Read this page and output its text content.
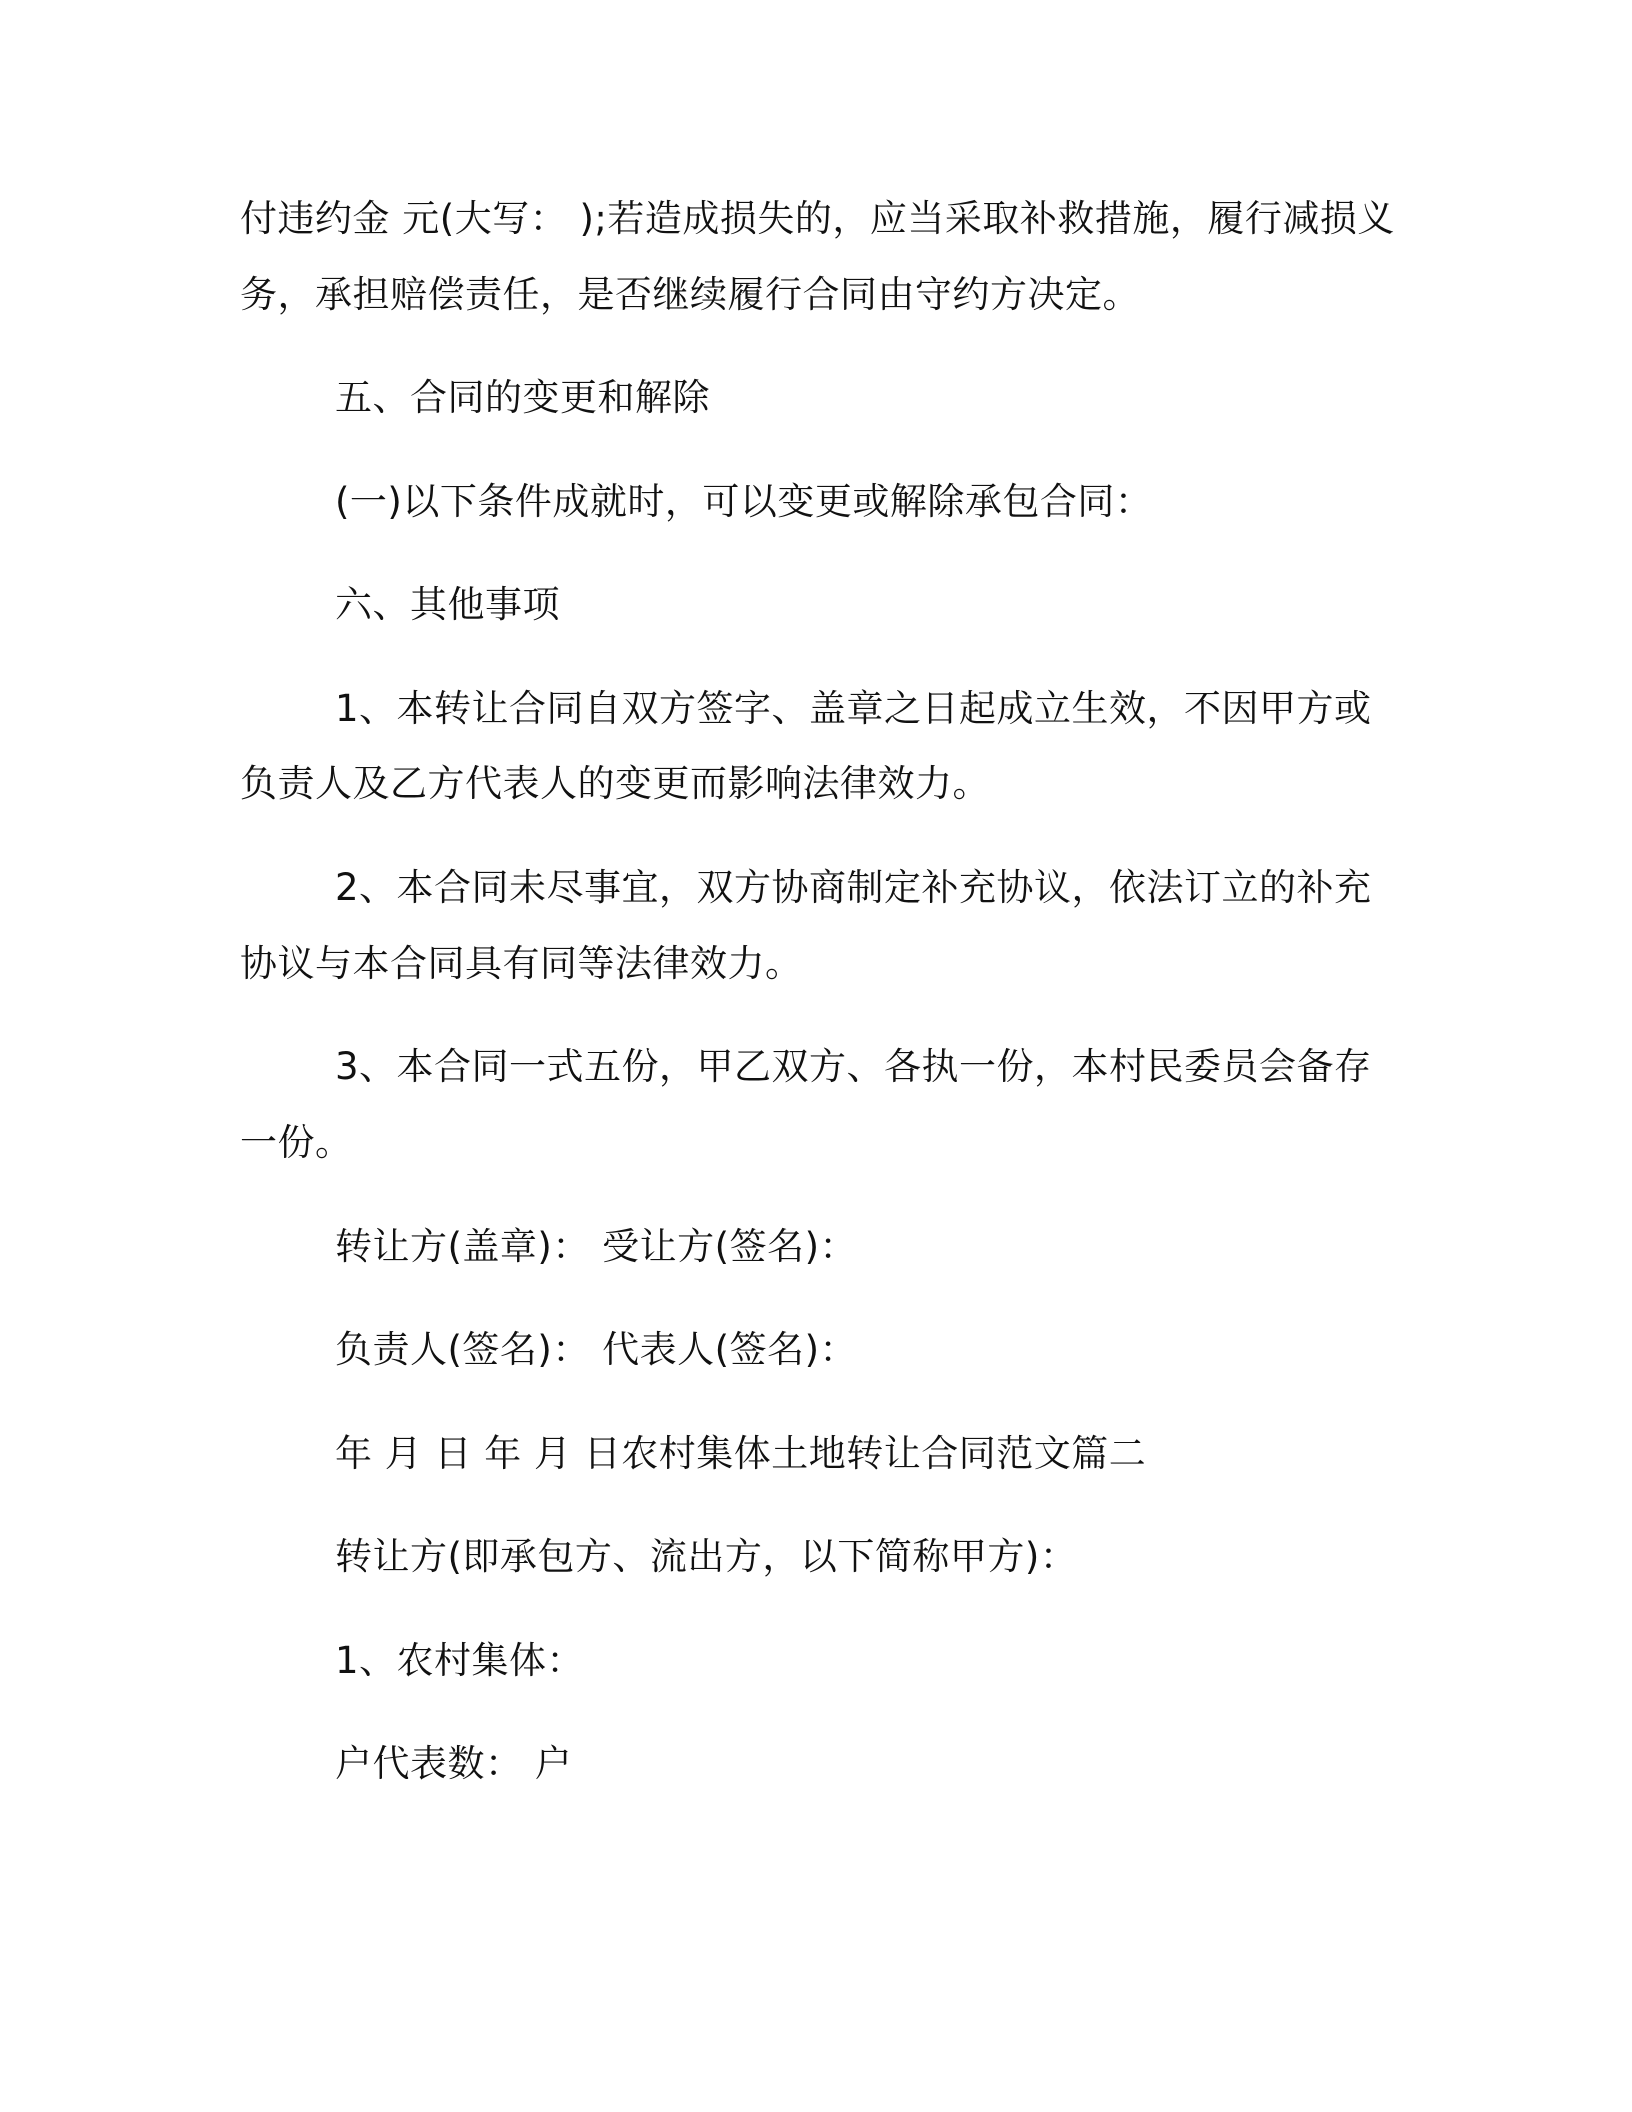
付违约金 元(大写： );若造成损失的，应当采取补救措施，履行减损义
务，承担赔偿责任，是否继续履行合同由守约方决定。
五、合同的变更和解除
(一)以下条件成就时，可以变更或解除承包合同：
六、其他事项
1、本转让合同自双方签字、盖章之日起成立生效，不因甲方或
负责人及乙方代表人的变更而影响法律效力。
2、本合同未尽事宜，双方协商制定补充协议，依法订立的补充
协议与本合同具有同等法律效力。
3、本合同一式五份，甲乙双方、各执一份，本村民委员会备存
一份。
转让方(盖章)： 受让方(签名)：
负责人(签名)： 代表人(签名)：
年 月 日 年 月 日农村集体土地转让合同范文篇二
转让方(即承包方、流出方，以下简称甲方)：
1、农村集体：
户代表数： 户
